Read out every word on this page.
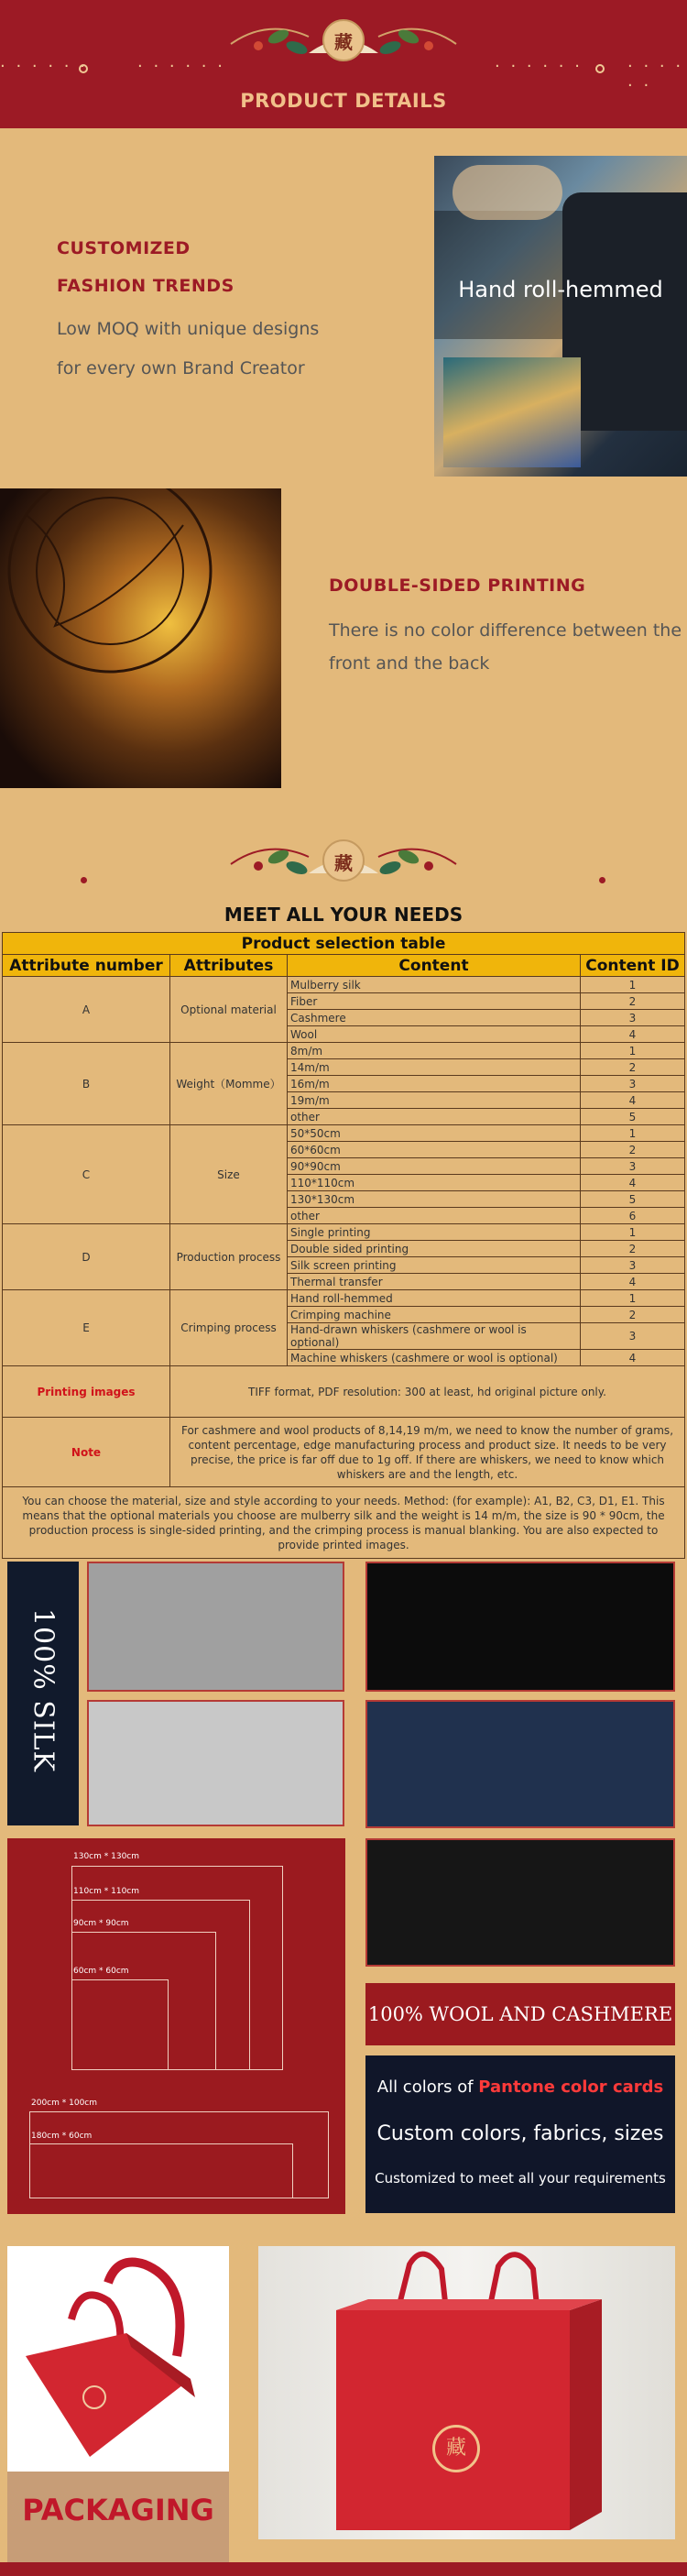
藏
· · · · · ·	· · · · · ·	· · · · · ·	· · · · · ·
PRODUCT DETAILS
CUSTOMIZED
FASHION TRENDS
Low MOQ with unique designs
for every own Brand Creator
Hand roll-hemmed
DOUBLE-SIDED PRINTING
There is no color difference between the
front and the back
藏
MEET ALL YOUR NEEDS
Product selection table			
Attribute number	Attributes	Content	Content ID
A	Optional material	Mulberry silk	1
		Fiber	2
		Cashmere	3
		Wool	4
B	Weight（Momme）	8m/m	1
		14m/m	2
		16m/m	3
		19m/m	4
		other	5
C	Size	50*50cm	1
		60*60cm	2
		90*90cm	3
		110*110cm	4
		130*130cm	5
		other	6
D	Production process	Single printing	1
		Double sided printing	2
		Silk screen printing	3
		Thermal transfer	4
E	Crimping process	Hand roll-hemmed	1
		Crimping machine	2
		Hand-drawn whiskers (cashmere or wool is optional)	3
		Machine whiskers (cashmere or wool is optional)	4
Printing images	TIFF format, PDF resolution: 300 at least, hd original picture only.		
Note	For cashmere and wool products of 8,14,19 m/m, we need to know the number of grams, content percentage, edge manufacturing process and product size. It needs to be very precise, the price is far off due to 1g off. If there are whiskers, we need to know which whiskers are and the length, etc.		
You can choose the material, size and style according to your needs. Method: (for example): A1, B2, C3, D1, E1. This means that the optional materials you choose are mulberry silk and the weight is 14 m/m, the size is 90 * 90cm, the production process is single-sided printing, and the crimping process is manual blanking. You are also expected to provide printed images.			
100% SILK
130cm * 130cm
110cm * 110cm
90cm * 90cm
60cm * 60cm
200cm * 100cm
180cm * 60cm
100% WOOL AND CASHMERE
All colors of Pantone color cards
Custom colors, fabrics, sizes
Customized to meet all your requirements
PACKAGING
藏
